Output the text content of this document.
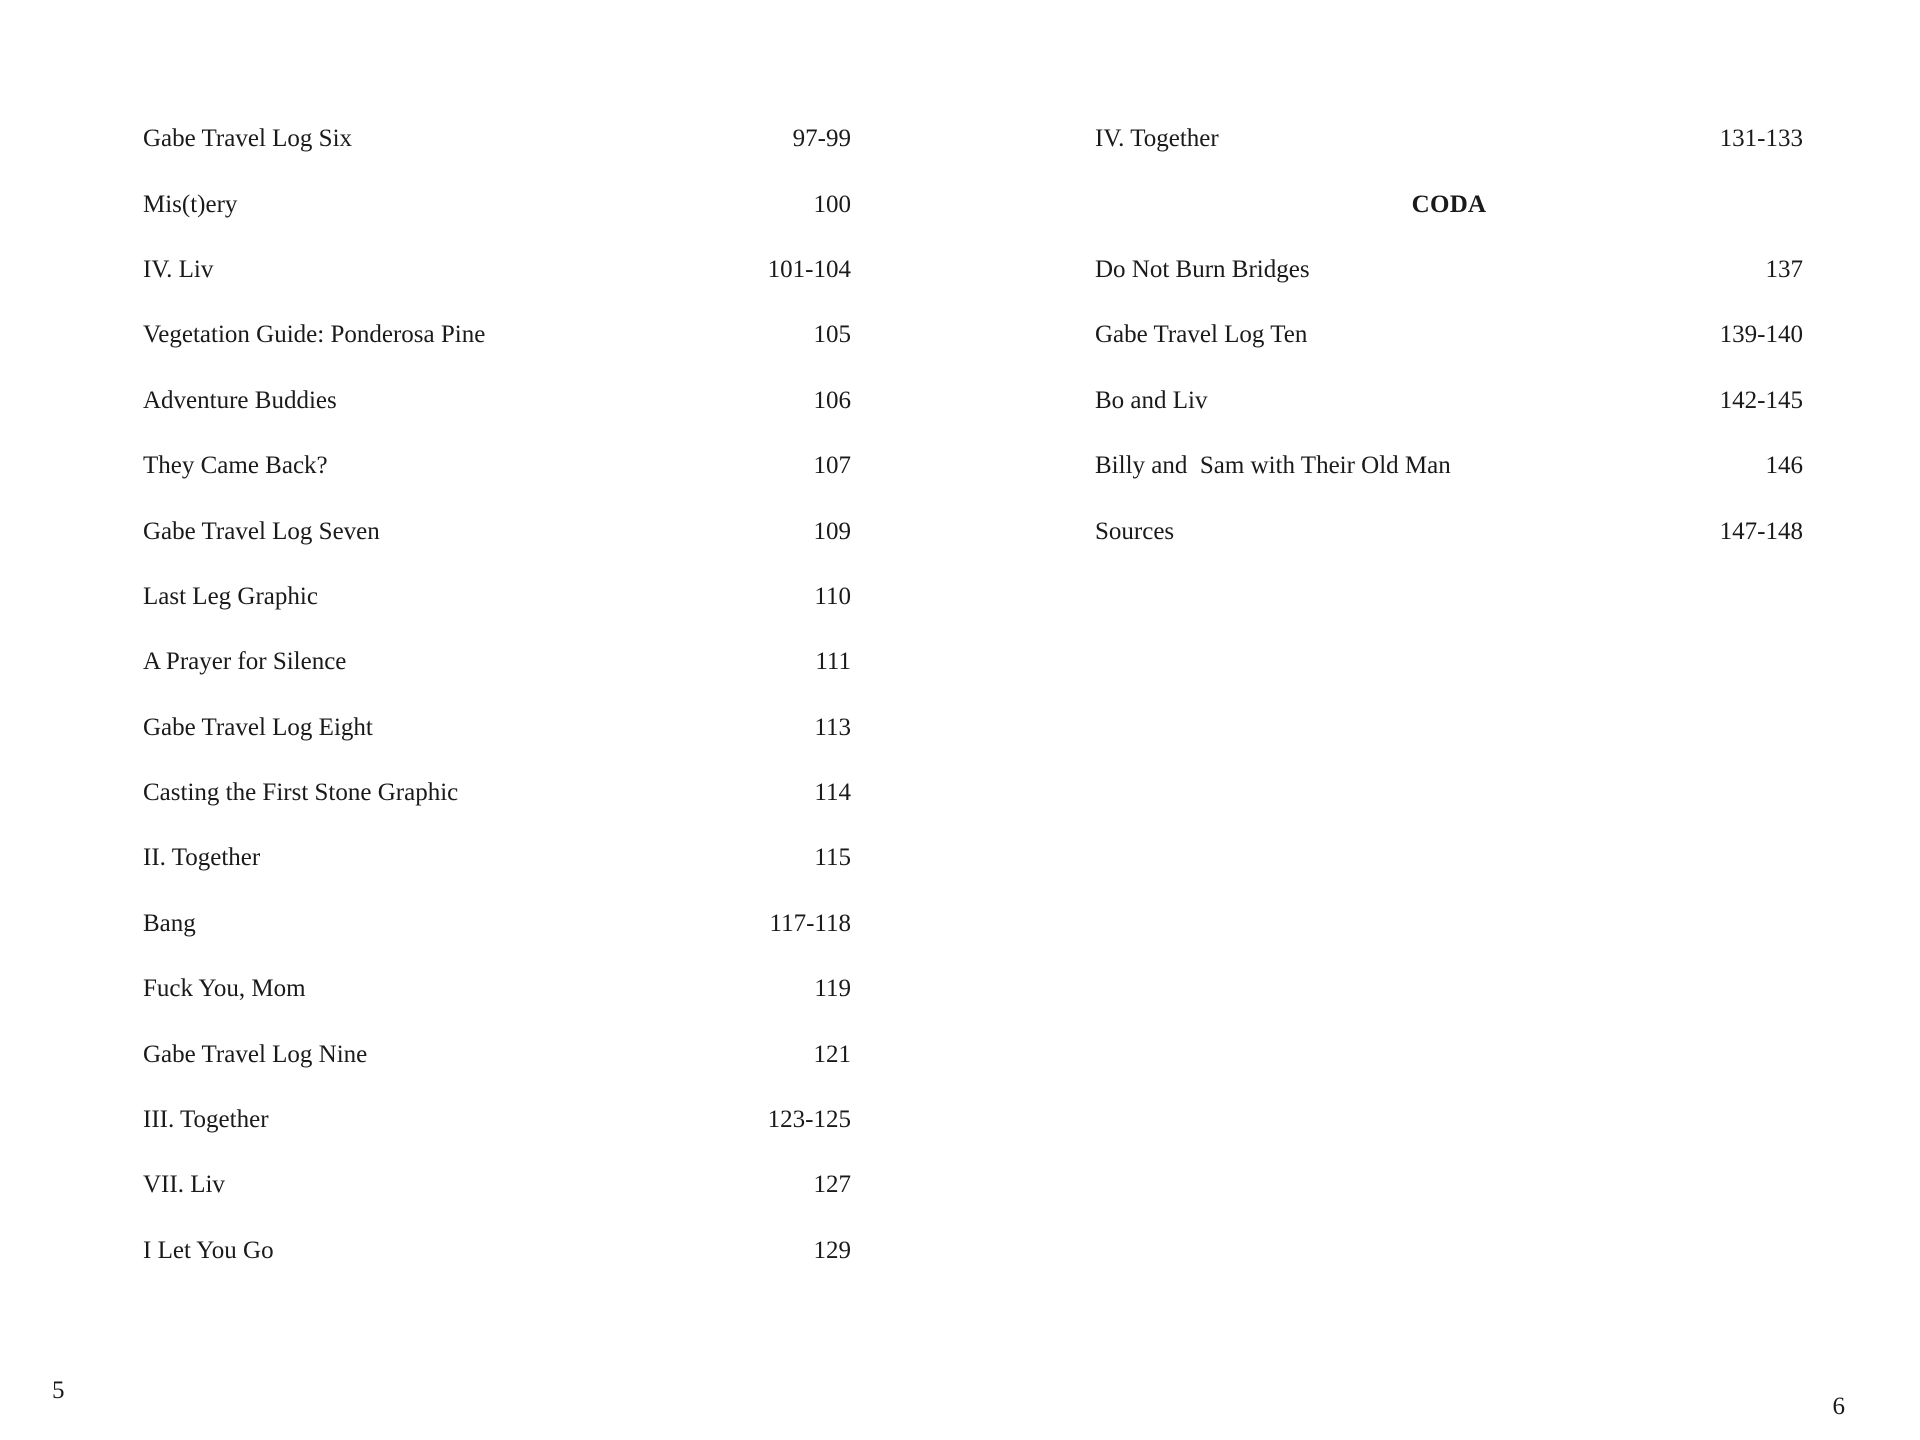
Gabe Travel Log Six	97-99
Mis(t)ery	100
IV. Liv	101-104
Vegetation Guide: Ponderosa Pine	105
Adventure Buddies	106
They Came Back?	107
Gabe Travel Log Seven	109
Last Leg Graphic	110
A Prayer for Silence	111
Gabe Travel Log Eight	113
Casting the First Stone Graphic	114
II. Together	115
Bang	117-118
Fuck You, Mom	119
Gabe Travel Log Nine	121
III. Together	123-125
VII. Liv	127
I Let You Go	129
5
IV. Together	131-133
CODA
Do Not Burn Bridges	137
Gabe Travel Log Ten	139-140
Bo and Liv	142-145
Billy and  Sam with Their Old Man	146
Sources	147-148
6
